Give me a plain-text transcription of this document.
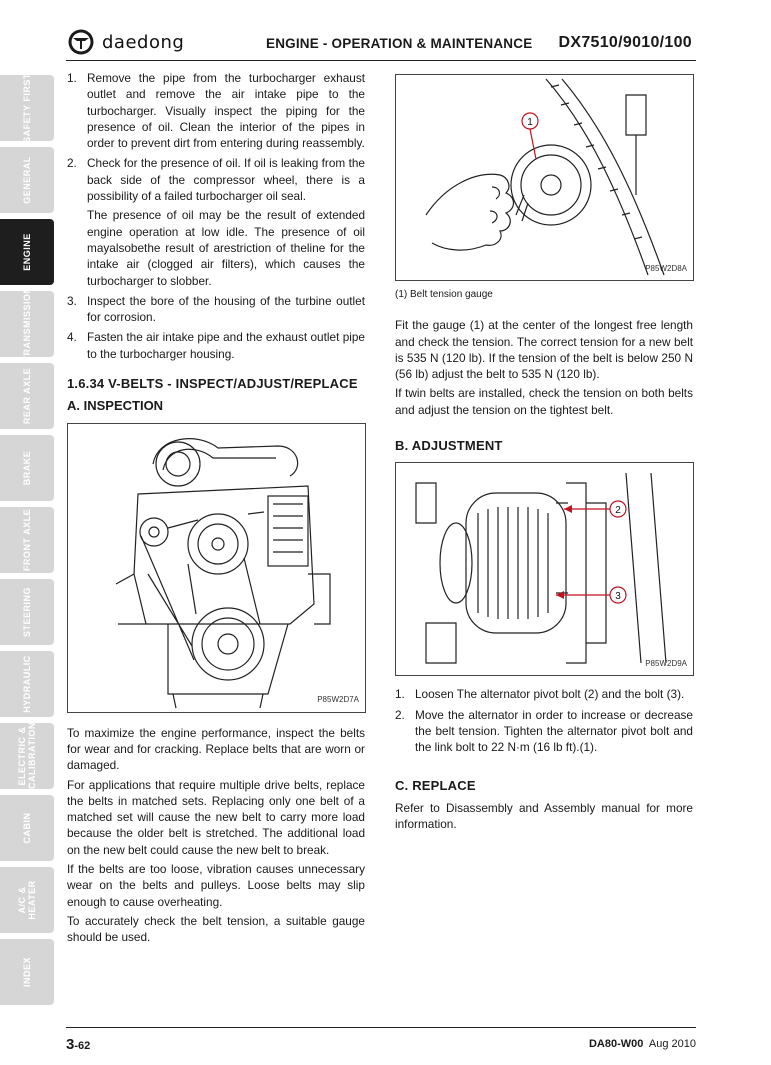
daedong	ENGINE - OPERATION & MAINTENANCE DX7510/9010/100
SAFETY FIRST
GENERAL
ENGINE
TRANSMISSION
REAR AXLE
BRAKE
FRONT AXLE
STEERING
HYDRAULIC
ELECTRIC & CALIBRATION
CABIN
A/C & HEATER
INDEX
1. Remove the pipe from the turbocharger exhaust outlet and remove the air intake pipe to the turbocharger. Visually inspect the piping for the presence of oil. Clean the interior of the pipes in order to prevent dirt from entering during reassembly.

2. Check for the presence of oil. If oil is leaking from the back side of the compressor wheel, there is a possibility of a failed turbocharger oil seal.

The presence of oil may be the result of extended engine operation at low idle. The presence of oil mayalsobethe result of arestriction of theline for the intake air (clogged air filters), which causes the turbocharger to slobber.

3. Inspect the bore of the housing of the turbine outlet for corrosion.

4. Fasten the air intake pipe and the exhaust outlet pipe to the turbocharger housing.

1.6.34 V-BELTS - INSPECT/ADJUST/REPLACE
A. INSPECTION
P85W2D7A

To maximize the engine performance, inspect the belts for wear and for cracking. Replace belts that are worn or damaged.

For applications that require multiple drive belts, replace the belts in matched sets. Replacing only one belt of a matched set will cause the new belt to carry more load because the older belt is stretched. The additional load on the new belt could cause the new belt to break.

If the belts are too loose, vibration causes unnecessary wear on the belts and pulleys. Loose belts may slip enough to cause overheating.

To accurately check the belt tension, a suitable gauge should be used.

1
P85W2D8A
(1) Belt tension gauge

Fit the gauge (1) at the center of the longest free length and check the tension. The correct tension for a new belt is 535 N (120 lb). If the tension of the belt is below 250 N (56 lb) adjust the belt to 535 N (120 lb).

If twin belts are installed, check the tension on both belts and adjust the tension on the tightest belt.

B. ADJUSTMENT
2
3
P85W2D9A
1. Loosen The alternator pivot bolt (2) and the bolt (3).

2. Move the alternator in order to increase or decrease the belt tension. Tighten the alternator pivot bolt and the link bolt to 22 N·m (16 lb ft).(1).

C. REPLACE

Refer to Disassembly and Assembly manual for more information.

3-62	DA80-W00 Aug 2010
